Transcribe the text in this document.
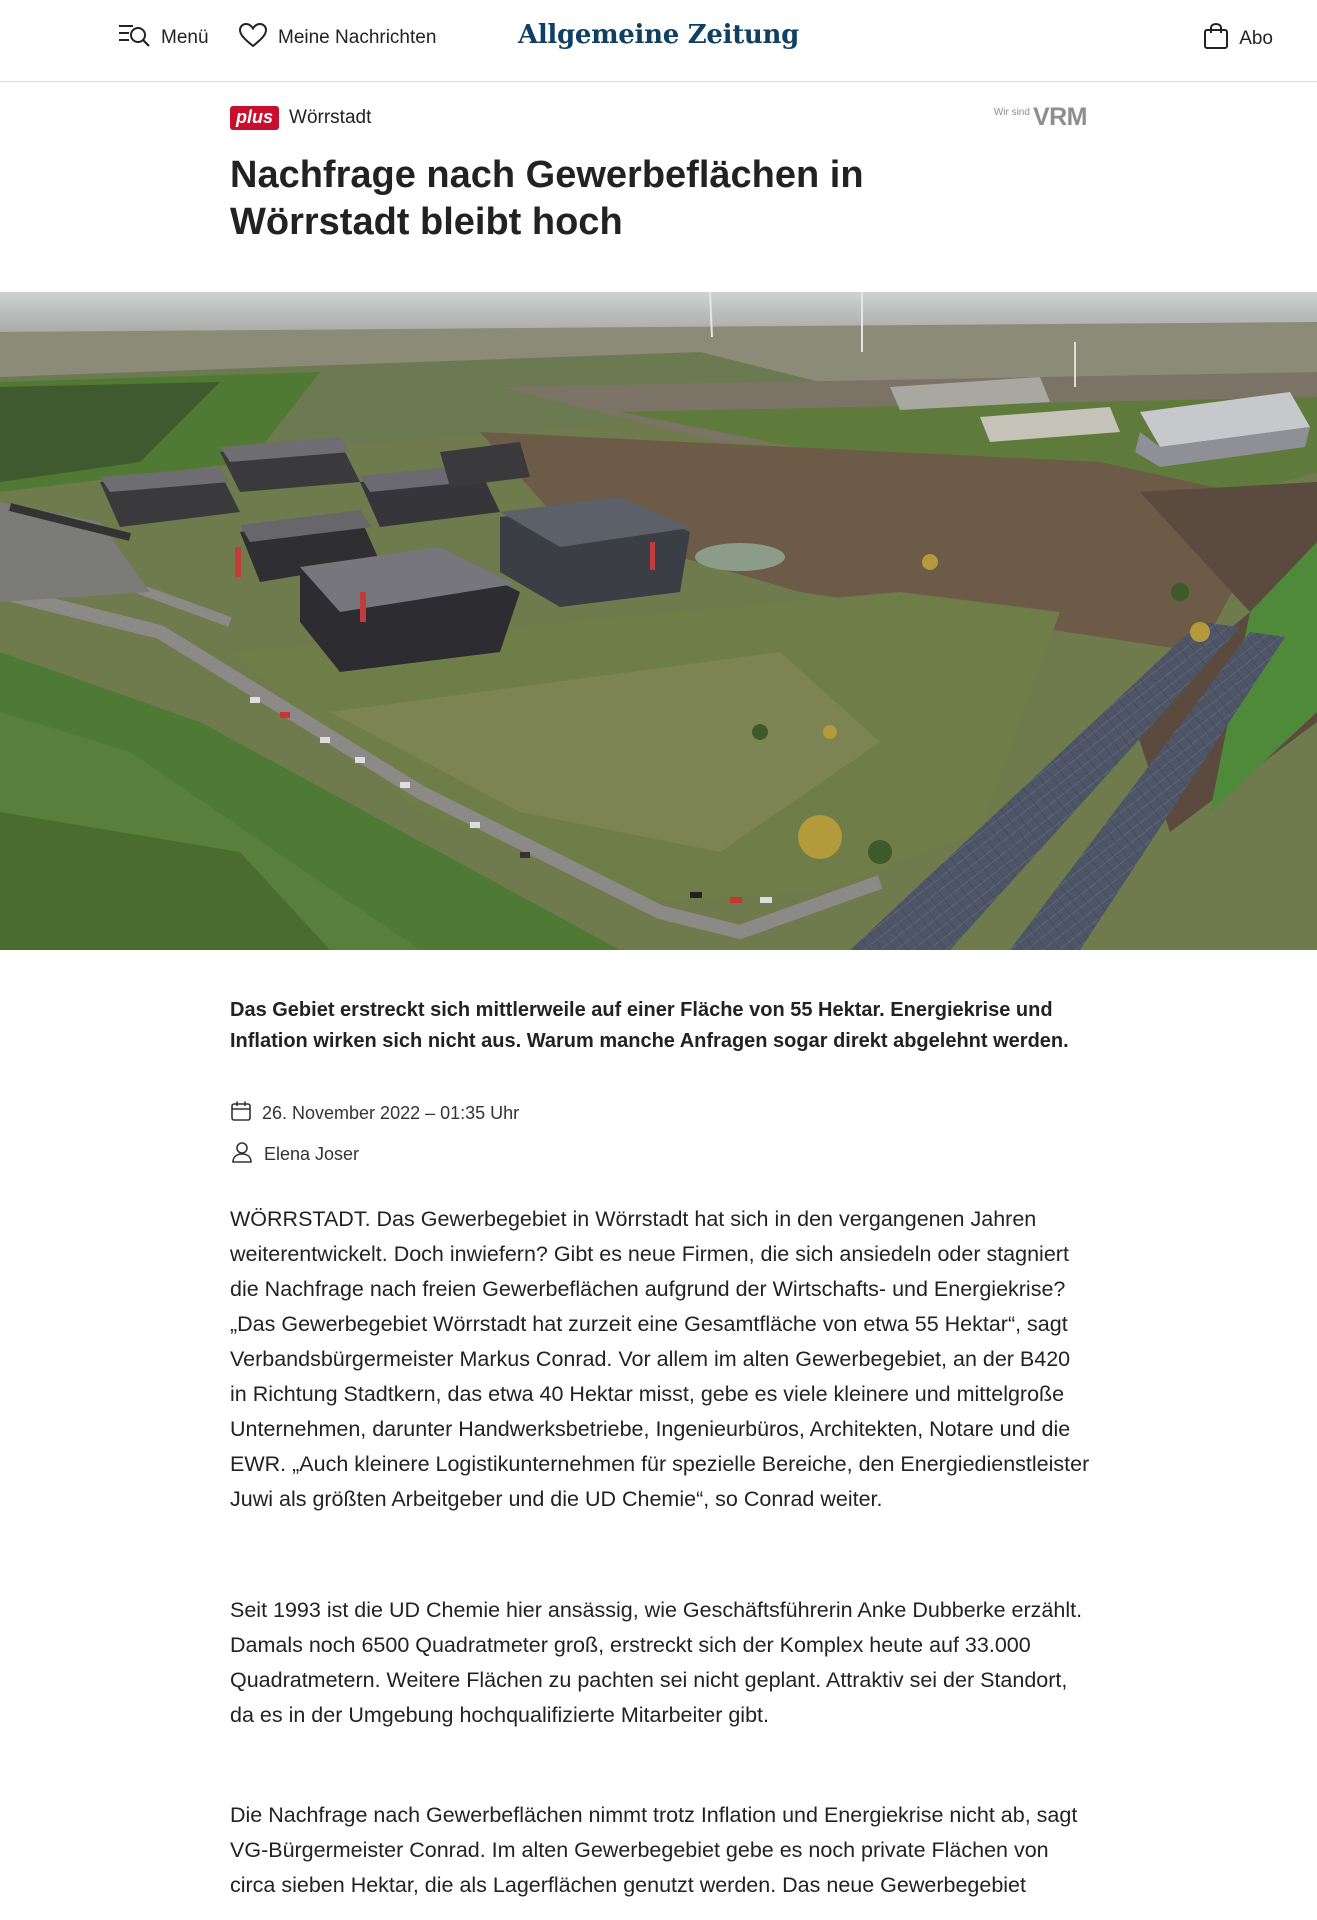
Menü	Meine Nachrichten	Allgemeine Zeitung	Abo
plus Wörrstadt	Wir sind VRM
Nachfrage nach Gewerbeflächen in Wörrstadt bleibt hoch

Das Gebiet erstreckt sich mittlerweile auf einer Fläche von 55 Hektar. Energiekrise und Inflation wirken sich nicht aus. Warum manche Anfragen sogar direkt abgelehnt werden.

26. November 2022 – 01:35 Uhr
Elena Joser

WÖRRSTADT. Das Gewerbegebiet in Wörrstadt hat sich in den vergangenen Jahren weiterentwickelt. Doch inwiefern? Gibt es neue Firmen, die sich ansiedeln oder stagniert die Nachfrage nach freien Gewerbeflächen aufgrund der Wirtschafts- und Energiekrise? „Das Gewerbegebiet Wörrstadt hat zurzeit eine Gesamtfläche von etwa 55 Hektar“, sagt Verbandsbürgermeister Markus Conrad. Vor allem im alten Gewerbegebiet, an der B420 in Richtung Stadtkern, das etwa 40 Hektar misst, gebe es viele kleinere und mittelgroße Unternehmen, darunter Handwerksbetriebe, Ingenieurbüros, Architekten, Notare und die EWR. „Auch kleinere Logistikunternehmen für spezielle Bereiche, den Energiedienstleister Juwi als größten Arbeitgeber und die UD Chemie“, so Conrad weiter.

Seit 1993 ist die UD Chemie hier ansässig, wie Geschäftsführerin Anke Dubberke erzählt. Damals noch 6500 Quadratmeter groß, erstreckt sich der Komplex heute auf 33.000 Quadratmetern. Weitere Flächen zu pachten sei nicht geplant. Attraktiv sei der Standort, da es in der Umgebung hochqualifizierte Mitarbeiter gibt.

Die Nachfrage nach Gewerbeflächen nimmt trotz Inflation und Energiekrise nicht ab, sagt VG-Bürgermeister Conrad. Im alten Gewerbegebiet gebe es noch private Flächen von circa sieben Hektar, die als Lagerflächen genutzt werden. Das neue Gewerbegebiet
